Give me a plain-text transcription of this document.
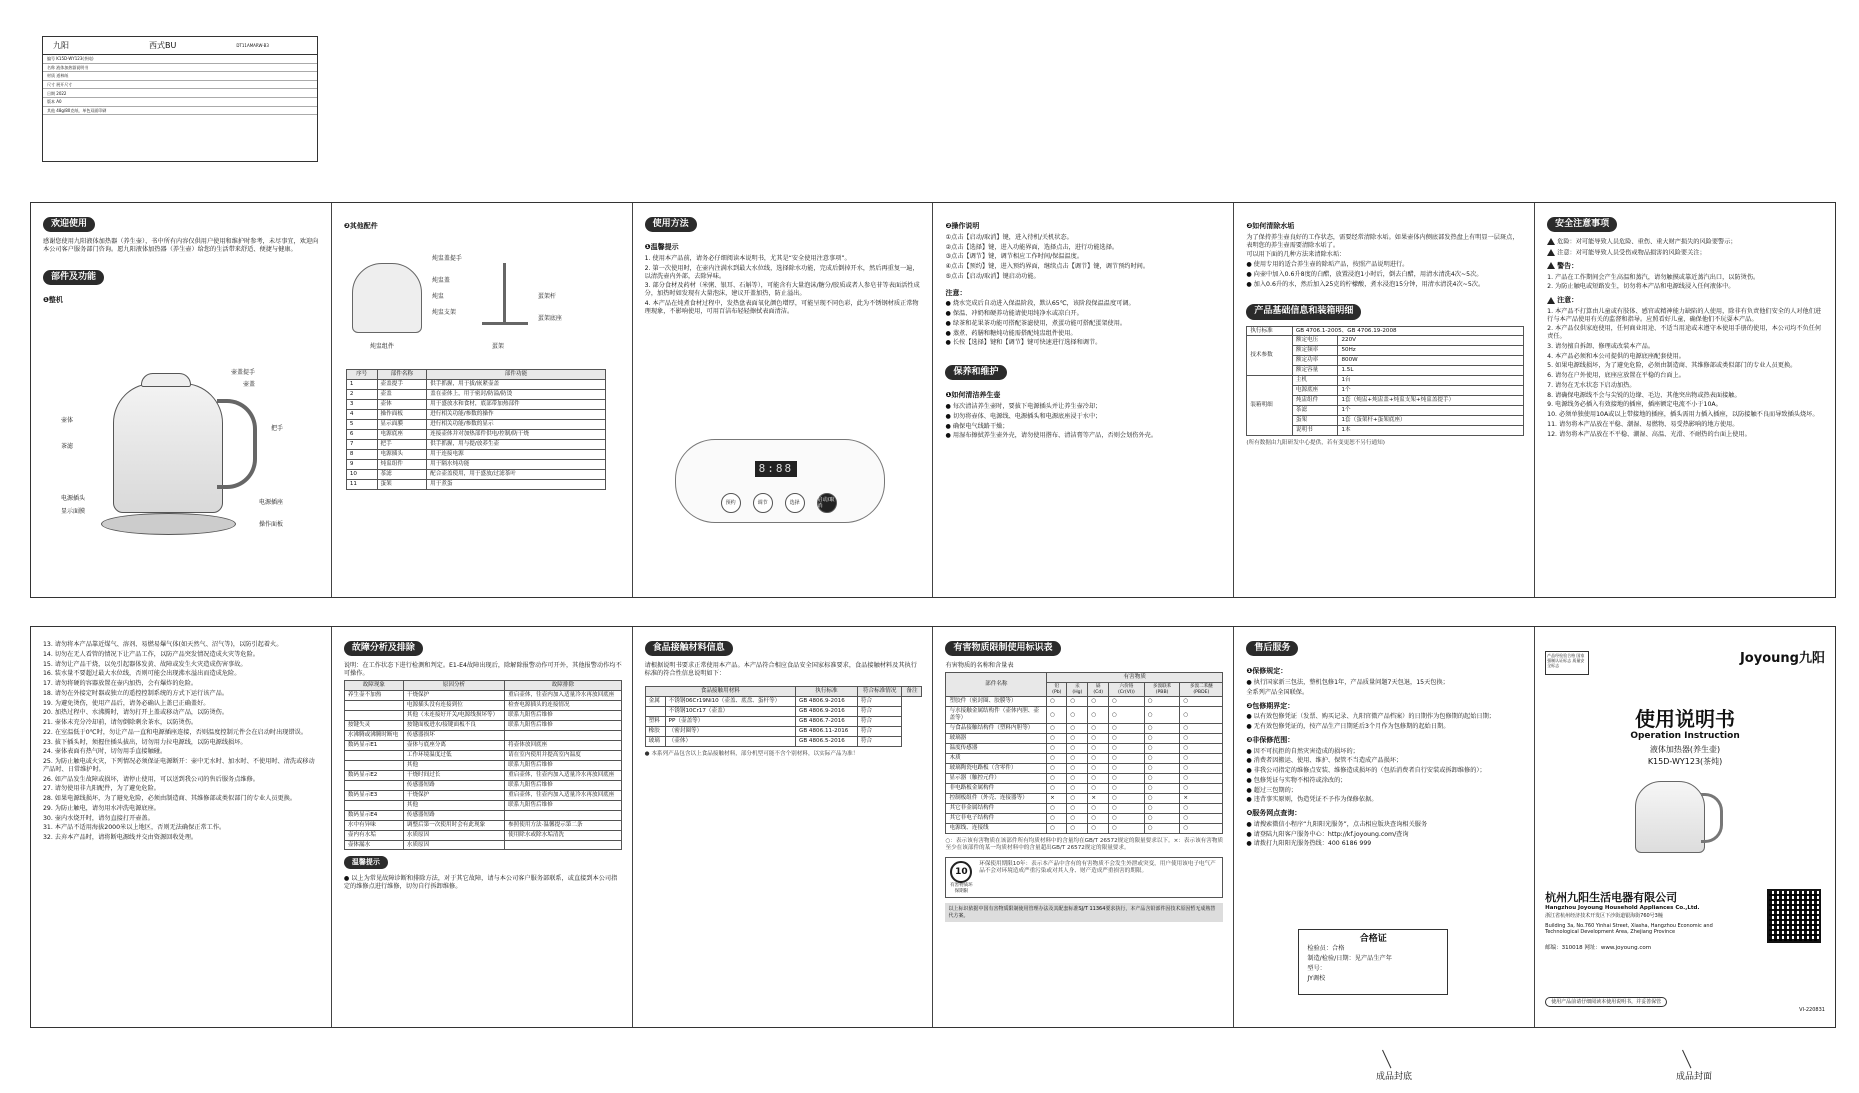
九阳	西式BU	DT11AMARW-B3
编号 K15D-WY123(茶炖)
名称 液体加热器说明书
材质 道林纸
尺寸 展开尺寸
日期 2022
版本 A0
其他 48g/80克纸，单色双面印刷
欢迎使用
感谢您使用九阳液体加热器（养生壶），书中所有内容仅供用户使用和维护时参考，未尽事宜，欢迎向本公司客户服务部门咨询。愿九阳液体加热器（养生壶）给您的生活带来舒适、便捷与健康。
部件及功能
❶整机
壶盖提手
壶盖
壶体
把手
茶滤
电源插头
电源插座
显示面膜
操作面板
❷其他配件
炖盅盖提手
炖盅盖
炖盅
炖盅支架
蛋架杆
蛋架底座
炖盅组件	蛋架
序号	部件名称	部件功能
1	壶盖提手	供手抓握，用于拔/嵌紧壶盖
2	壶盖	盖在壶体上，用于密封/防溢/防烫
3	壶体	用于盛放水和食材，底部带加热部件
4	操作面板	进行相关功能/参数的操作
5	显示面膜	进行相关功能/参数的显示
6	电源底座	连接壶体并对加热部件供电/控制/防干烧
7	把手	供手抓握，用与提/放养生壶
8	电源插头	用于连接电源
9	炖盅组件	用于隔水炖功能
10	茶滤	配合壶盖使用，用于盛放/过滤茶叶
11	蛋架	用于煮蛋
使用方法
❶温馨提示
1. 使用本产品前，请务必仔细阅读本说明书，尤其是“安全使用注意事项”。
2. 第一次使用时，在壶内注满水到最大水位线，选择除水功能，完成后倒掉开水，然后再重复一遍，以清洗壶内外部，去除异味。
3. 部分食材及药材（米粥、银耳、石斛等），可能含有大量泡沫/糖分/胶质或者人参皂苷等表面活性成分，加热时如发现有大量泡沫，建议开盖加热，防止溢出。
4. 本产品在炖煮食材过程中，发热盘表面氧化颜色增厚，可能呈现不同色彩，此为不锈钢材质正常物理现象，不影响使用，可用百洁布轻轻擦拭表面清洁。
8:88
预约	调节	选择
启动/取消
❷操作说明
①点击【启动/取消】键，进入待机/关机状态。
②点击【选择】键，进入功能界面，选择点击，进行功能选择。
③点击【调节】键，调节相应工作时间/保温温度。
④点击【预约】键，进入预约界面，继续点击【调节】键，调节预约时间。
⑤点击【启动/取消】键启动功能。
注意：
● 烧水完成后自动进入保温阶段，默认65℃，该阶段保温温度可调。
● 保温、冲奶和硬养功能请使用纯净水或凉白开。
● 绿茶和花果茶功能可搭配茶滤使用，煮蛋功能可搭配蛋架使用。
● 蒸煮、药膳和糖炖功能需搭配炖盅组件使用。
● 长按【选择】键和【调节】键可快速进行选择和调节。
保养和维护
❶如何清洁养生壶
● 每次清洁养生壶时，要拔下电源插头并让养生壶冷却；
● 切勿将壶体、电源线、电源插头和电源底座浸于水中；
● 确保电气线路干燥；
● 用湿布擦拭养生壶外壳，请勿使用揩布、清洁膏等产品，否则会划伤外壳。
❷如何清除水垢
为了保持养生壶良好的工作状态，需要经常清除水垢。如果壶体内侧底部发热盘上有明显一层斑点，表明您的养生壶需要清除水垢了。
可以用下面的几种方法来清除水垢：
● 使用专用的适合养生壶的除垢产品，按照产品说明进行。
● 向壶中加入0.6升8度的白醋，放置浸泡1小时后，倒去白醋，用清水清洗4次~5次。
● 加入0.6升的水，然后加入25克的柠檬酸，煮水浸泡15分钟，用清水清洗4次~5次。
产品基础信息和装箱明细
执行标准	GB 4706.1-2005、GB 4706.19-2008	
技术参数	额定电压	220V
	额定频率	50Hz
	额定功率	800W
	额定容量	1.5L
装箱明细	主机	1台
	电源底座	1个
	炖盅组件	1套（炖盅+炖盅盖+炖盅支架+炖盅盖提手）
	茶滤	1个
	蛋架	1套（蛋架杆+蛋架底座）
	说明书	1本
(所有数据由九阳研发中心提供，若有变更恕不另行通知)
安全注意事项
危险：对可能导致人员危险、重伤、重大财产损失的风险要警示；
注意：对可能导致人员受伤或物品损害的风险要关注；
警告：
1. 产品在工作期间会产生高温和蒸汽，请勿触摸或靠近蒸汽出口，以防烫伤。
2. 为防止触电或短路发生，切勿将本产品和电源线浸入任何液体中。
注意：
1. 本产品不打算由儿童或有肢体、感官或精神能力缺陷的人使用，除非有负责他们安全的人对他们进行与本产品使用有关的监督和指导。应照看好儿童，确保他们不玩耍本产品。
2. 本产品仅供家庭使用，任何商业用途、不适当用途或未遵守本使用手册的使用，本公司均不负任何责任。
3. 请勿擅自拆卸、修理或改装本产品。
4. 本产品必须和本公司提供的电源底座配套使用。
5. 如果电源线损坏，为了避免危险，必须由制造商、其维修部或类似部门的专业人员更换。
6. 请勿在户外使用，底座应放置在平稳的台面上。
7. 请勿在无水状态下启动加热。
8. 请确保电源线不会与尖锐的边缘、毛边、其他突出物或热表面接触。
9. 电源线务必插入有效接地的插座，插座额定电流不小于10A。
10. 必须单独使用10A或以上带接地的插座，插头需用力插入插座，以防接触不良而导致插头烧坏。
11. 请勿将本产品放在平稳、潮湿、易燃物、易受热影响的地方使用。
12. 请勿将本产品放在不平稳、潮湿、高温、光滑、不耐热的台面上使用。
13. 请勿将本产品靠近煤气、溶剂、易燃易爆气体(如天然气、沼气等)，以防引起着火。
14. 切勿在无人看管的情况下让产品工作，以防产品突发情况造成火灾等危险。
15. 请勿让产品干烧，以免引起器体发黄、故障或发生火灾造成伤害事故。
16. 装水量不要超过最大水位线，否则可能会出现沸水溢出而造成危险。
17. 请勿将硬的容器放置在壶内加热，会有爆炸的危险。
18. 请勿在外接定时器或独立的遥控控制系统的方式下运行该产品。
19. 为避免烫伤，使用产品后，请务必确认上盖已正确盖好。
20. 加热过程中、水沸腾时，请勿打开上盖或移动产品，以防烫伤。
21. 壶体未充分冷却前，请勿倒除剩余茶水，以防烫伤。
22. 在室温低于0℃时，勿让产品一直和电源插座连接，否则温度控制元件会在启动时出现错误。
23. 拔下插头时，须握住插头拔出，切勿用力拉电源线，以防电源线损坏。
24. 壶体表面有热气时，切勿用手直接触碰。
25. 为防止触电或火灾，下列情况必须保证电源断开：壶中无水时、加水时、不使用时、清洗或移动产品时、日常维护时。
26. 如产品发生故障或损坏，请停止使用，可以送到我公司的售后服务点维修。
27. 请勿使用非九阳配件，为了避免危险。
28. 如果电源线损坏，为了避免危险，必须由制造商、其维修部或类似部门的专业人员更换。
29. 为防止触电，请勿用水冲洗电源底座。
30. 壶内水烧开时，请勿直接打开壶盖。
31. 本产品不适用海拔2000米以上地区，否则无法确保正常工作。
32. 去弃本产品时，请将断电源线并交由资源回收处理。
故障分析及排除
说明：在工作状态下进行检测和判定。E1-E4故障出现后，除解除报警动作可开外，其他报警动作均不可操作。
故障现象	原因分析	故障排除
养生壶不加热	干烧保护	重启壶体，往壶内加入适量冷水再放回底座
	电源插头没有连接到位	检查电源插头的连接情况
	其他（未连接好开关/电源线损坏等）	联系九阳售后维修
按键失灵	按键面板进水/接键面板不良	联系九阳售后维修
水沸腾或沸腾时断电	传感器损坏	
数码显示E1	壶体与底座分离	将壶体放回底座
	工作环境温度过低	请在室内使用并提高室内温度
	其他	联系九阳售后维修
数码显示E2	干烧时间过长	重启壶体，往壶内加入适量冷水再放回底座
	传感器短路	联系九阳售后维修
数码显示E3	干烧保护	重启壶体，往壶内加入适量冷水再放回底座
	其他	联系九阳售后维修
数码显示E4	传感器短路	
水中有异味	调整后第一次使用时会有此现象	参照使用方法·温馨提示第二条
壶内有水垢	水质原因	使用除水或除水垢清洗
壶体漏水	水质原因	
温馨提示
● 以上为常见故障诊断和排除方法，对于其它故障，请与本公司客户服务部联系，或直接到本公司指定的维修点进行维修，切勿自行拆卸维修。
食品接触材料信息
请根据说明书要求正常使用本产品。本产品符合相应食品安全国家标准要求，食品接触材料及其执行标准的符合性信息说明如下：
食品接触用材料		执行标准	符合标准情况	备注
金属	不锈钢06Cr19Ni10（壶盖、底盘、蛋杆等）	GB 4806.9-2016	符合	
	不锈钢10Cr17（壶盖）	GB 4806.9-2016	符合	
塑料	PP（壶盖等）	GB 4806.7-2016	符合	
橡胶	（密封圈等）	GB 4806.11-2016	符合	
玻璃	（壶体）	GB 4806.5-2016	符合	
● 本系列产品包含以上食品接触材料，部分机型可能不含个别材料，以实际产品为准！
有害物质限制使用标识表
有害物质的名称和含量表
部件名称	有害物质					
	铅(Pb)	汞(Hg)	镉(Cd)	六价铬(Cr(VI))	多溴联苯(PBB)	多溴二苯醚(PBDE)
塑胶件（密封圈、胶膜等）	○	○	○	○	○	○
与水接触金属结构件（壶体内胆、壶盖等）	○	○	○	○	○	○
与食品接触结构件（塑料内胆等）	○	○	○	○	○	○
玻璃器	○	○	○	○	○	○
温度传感器	○	○	○	○	○	○
木质	○	○	○	○	○	○
玻璃陶瓷电路板（含零件）	○	○	○	○	○	○
显示器（触控元件）	○	○	○	○	○	○
非电路板金属构件	○	○	○	○	○	○
控制板组件（外壳、连接器等）	×	○	×	○	○	×
其它非金属结构件	○	○	○	○	○	○
其它非电子结构件	○	○	○	○	○	○
电源线、连接线	○	○	○	○	○	○
○：表示该有害物质在该部件所有均质材料中的含量均在GB/T 26572规定的限量要求以下。×：表示该有害物质至少在该部件的某一均质材料中的含量超出GB/T 26572规定的限量要求。
10
有害物质环保期限
环保使用期限10年：表示本产品中含有的有害物质不会发生外泄或突变，用户使用该电子电气产品不会对环境造成严重污染或对其人身、财产造成严重损害的期限。
以上标识依据中国有害物质限制使用管理办法及其配套标准SJ/T 11364要求执行，本产品含铅部件因技术原因暂无成熟替代方案。
售后服务
❶保修规定：
● 执行国家新三包法，整机包修1年，产品质量问题7天包退，15天包换；
全系列产品全国联保。
❷包修期界定：
● 以有效包修凭证（发票、购买记录、九阳官微产品档案）的日期作为包修期的起始日期；
● 无有效包修凭证的，按产品生产日期延后3个月作为包修期的起始日期。
❸非保修范围：
● 因不可抗拒的自然灾害造成的损坏的；
● 消费者因搬运、使用、维护、保管不当造成产品损坏；
● 非我公司指定的维修点安装、维修造成损坏的（包括消费者自行安装或拆卸维修的）；
● 包修凭证与实物不相符或涂改的；
● 超过三包期的；
● 违背事实原则，伪造凭证不予作为保修依据。
❹服务网点查询：
● 请搜索微信小程序“九阳阳光服务”，点击相应版块查询相关服务
● 请登陆九阳客户服务中心：http://kf.joyoung.com/查询
● 请拨打九阳阳光服务热线：400 6186 999
合格证
检验员：合格
制造/检验/日期：见产品生产年
型号：
JY调校
产品经检验合格 国家强制认证标志 质量安全标志	Joyoung九阳
使用说明书
Operation Instruction
液体加热器(养生壶)
K15D-WY123(茶炖)
杭州九阳生活电器有限公司
Hangzhou Joyoung Household Appliances Co.,Ltd.
浙江省杭州经济技术开发区下沙街道银海街760号3幢
Building 3a, No.760 Yinhai Street, Xiasha, Hangzhou Economic and Technological Development Area, Zhejiang Province
邮编：310018 网址：www.joyoung.com
使用产品前请仔细阅读本使用说明书，并妥善保管
VI-220831
成品封底	成品封面
